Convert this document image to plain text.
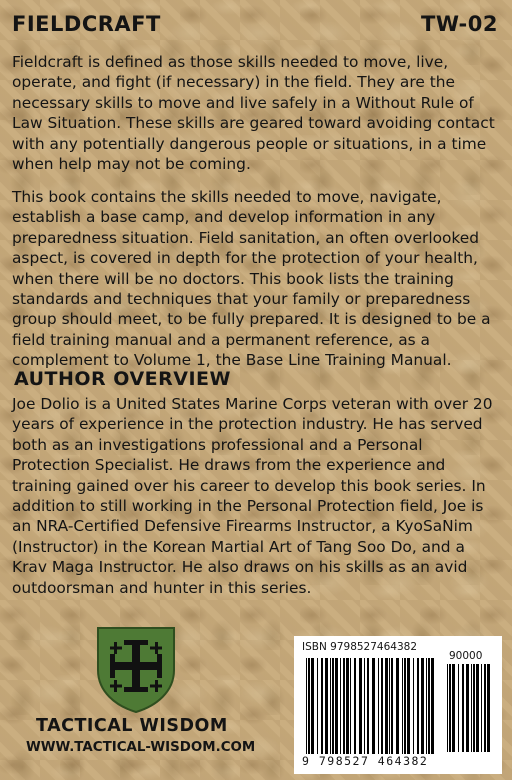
FIELDCRAFT	TW-02

Fieldcraft is defined as those skills needed to move, live, operate, and fight (if necessary) in the field. They are the necessary skills to move and live safely in a Without Rule of Law Situation. These skills are geared toward avoiding contact with any potentially dangerous people or situations, in a time when help may not be coming.

This book contains the skills needed to move, navigate, establish a base camp, and develop information in any preparedness situation. Field sanitation, an often overlooked aspect, is covered in depth for the protection of your health, when there will be no doctors. This book lists the training standards and techniques that your family or preparedness group should meet, to be fully prepared. It is designed to be a field training manual and a permanent reference, as a complement to Volume 1, the Base Line Training Manual.

AUTHOR OVERVIEW

Joe Dolio is a United States Marine Corps veteran with over 20 years of experience in the protection industry. He has served both as an investigations professional and a Personal Protection Specialist. He draws from the experience and training gained over his career to develop this book series. In addition to still working in the Personal Protection field, Joe is an NRA-Certified Defensive Firearms Instructor, a KyoSaNim (Instructor) in the Korean Martial Art of Tang Soo Do, and a Krav Maga Instructor. He also draws on his skills as an avid outdoorsman and hunter in this series.

TACTICAL WISDOM
WWW.TACTICAL-WISDOM.COM
ISBN 9798527464382
90000
9 798527 464382
